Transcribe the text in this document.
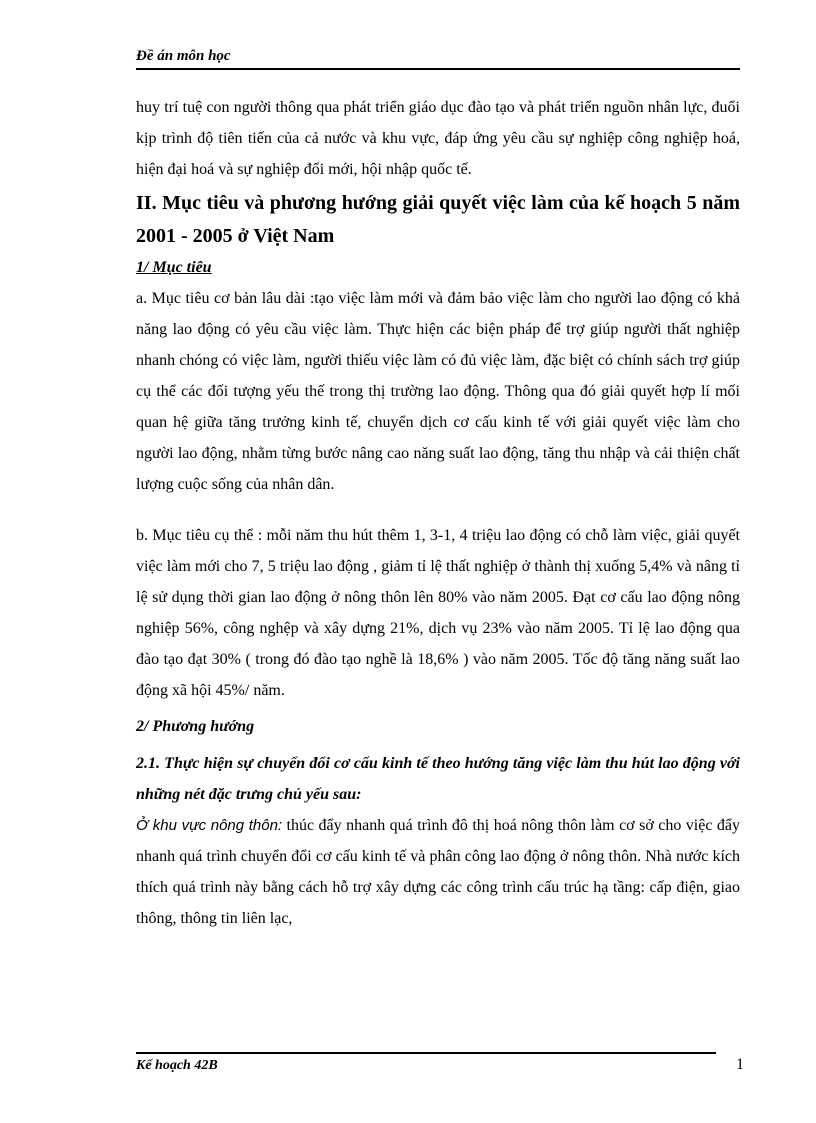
Đề án môn học

huy trí tuệ con người thông qua phát triển giáo dục đào tạo và phát triển nguồn nhân lực, đuổi kịp trình độ tiên tiến của cả nước và khu vực, đáp ứng yêu cầu sự nghiệp công nghiệp hoá, hiện đại hoá và sự nghiệp đổi mới, hội nhập quốc tế.

II. Mục tiêu và phương hướng giải quyết việc làm của kế hoạch 5 năm 2001 - 2005 ở Việt Nam
1/ Mục tiêu

a. Mục tiêu cơ bản lâu dài :tạo việc làm mới và đảm bảo việc làm cho người lao động có khả năng lao động có yêu cầu việc làm. Thực hiện các biện pháp để trợ giúp người thất nghiệp nhanh chóng có việc làm, người thiếu việc làm có đủ việc làm, đặc biệt có chính sách trợ giúp cụ thể các đối tượng yếu thế trong thị trường lao động. Thông qua đó giải quyết hợp lí mối quan hệ giữa tăng trưởng kinh tế, chuyển dịch cơ cấu kinh tế với giải quyết việc làm cho người lao động, nhằm từng bước nâng cao năng suất lao động, tăng thu nhập và cải thiện chất lượng cuộc sống của nhân dân.

b. Mục tiêu cụ thể : mỗi năm thu hút thêm 1, 3-1, 4 triệu lao động có chỗ làm việc, giải quyết việc làm mới cho 7, 5 triệu lao động , giảm tỉ lệ thất nghiệp ở thành thị xuống 5,4% và nâng tỉ lệ sử dụng thời gian lao động ở nông thôn lên 80% vào năm 2005. Đạt cơ cấu lao động nông nghiệp 56%, công nghệp và xây dựng 21%, dịch vụ 23% vào năm 2005. Tỉ lệ lao động qua đào tạo đạt 30% ( trong đó đào tạo nghề là 18,6% ) vào năm 2005. Tốc độ tăng năng suất lao động xã hội 45%/ năm.

2/ Phương hướng
2.1. Thực hiện sự chuyển đổi cơ cấu kinh tế theo hướng tăng việc làm thu hút lao động với những nét đặc trưng chủ yếu sau:

Ở khu vực nông thôn: thúc đẩy nhanh quá trình đô thị hoá nông thôn làm cơ sở cho việc đẩy nhanh quá trình chuyển đổi cơ cấu kinh tế và phân công lao động ở nông thôn. Nhà nước kích thích quá trình này bằng cách hỗ trợ xây dựng các công trình cấu trúc hạ tầng: cấp điện, giao thông, thông tin liên lạc,

Kế hoạch 42B	1
